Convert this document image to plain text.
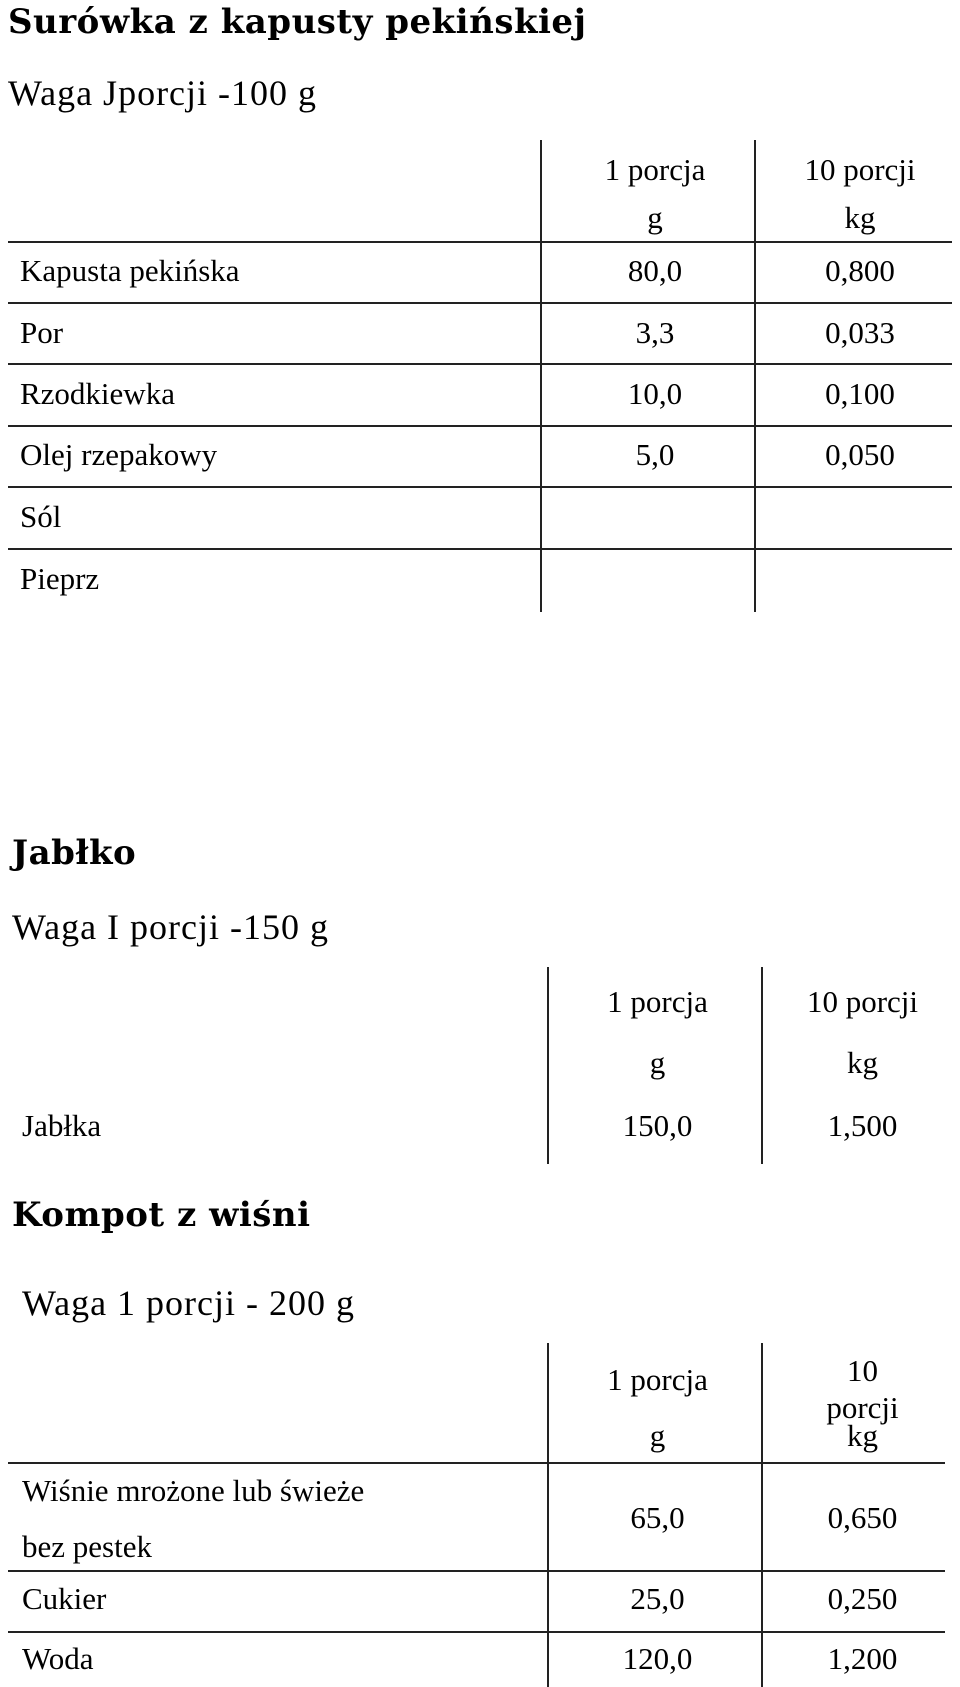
Surówka z kapusty pekińskiej
Waga Jporcji -100 g
1 porcja	10 porcji
g	kg
Kapusta pekińska	80,0	0,800
Por	3,3	0,033
Rzodkiewka	10,0	0,100
Olej rzepakowy	5,0	0,050
Sól
Pieprz
Jabłko
Waga I porcji -150 g
1 porcja	10 porcji
g	kg
Jabłka	150,0	1,500
Kompot z wiśni
Waga 1 porcji - 200 g
1 porcja	10
porcji
g	kg
Wiśnie mrożone lub świeże
bez pestek
65,0	0,650
Cukier	25,0	0,250
Woda	120,0	1,200
